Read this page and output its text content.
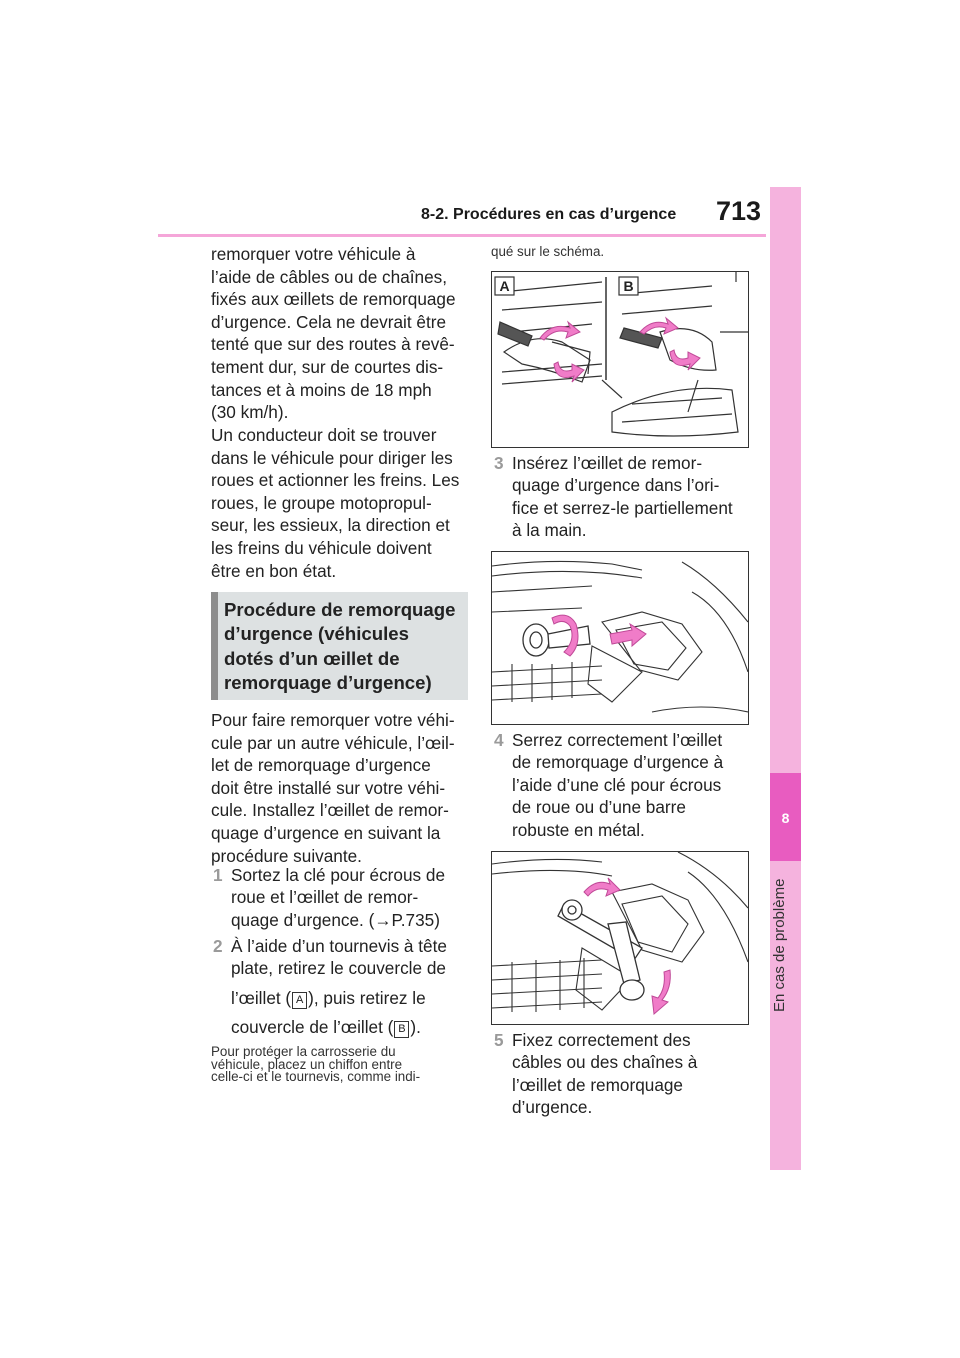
8-2. Procédures en cas d’urgence 713
8
En cas de problème
remorquer votre véhicule à
l’aide de câbles ou de chaînes,
fixés aux œillets de remorquage
d’urgence. Cela ne devrait être
tenté que sur des routes à revê-
tement dur, sur de courtes dis-
tances et à moins de 18 mph
(30 km/h).
Un conducteur doit se trouver
dans le véhicule pour diriger les
roues et actionner les freins. Les
roues, le groupe motopropul-
seur, les essieux, la direction et
les freins du véhicule doivent
être en bon état.
Procédure de remorquage
d’urgence (véhicules
dotés d’un œillet de
remorquage d’urgence)
Pour faire remorquer votre véhi-
cule par un autre véhicule, l’œil-
let de remorquage d’urgence
doit être installé sur votre véhi-
cule. Installez l’œillet de remor-
quage d’urgence en suivant la
procédure suivante.
1 Sortez la clé pour écrous de
roue et l’œillet de remor-
quage d’urgence. (→P.735)
2 À l’aide d’un tournevis à tête
plate, retirez le couvercle de
l’œillet ( A ), puis retirez le
couvercle de l’œillet ( B ).
Pour protéger la carrosserie du
véhicule, placez un chiffon entre
celle-ci et le tournevis, comme indi-
qué sur le schéma.
A	B
3 Insérez l’œillet de remor-
quage d’urgence dans l’ori-
fice et serrez-le partiellement
à la main.
4 Serrez correctement l’œillet
de remorquage d’urgence à
l’aide d’une clé pour écrous
de roue ou d’une barre
robuste en métal.
5 Fixez correctement des
câbles ou des chaînes à
l’œillet de remorquage
d’urgence.
